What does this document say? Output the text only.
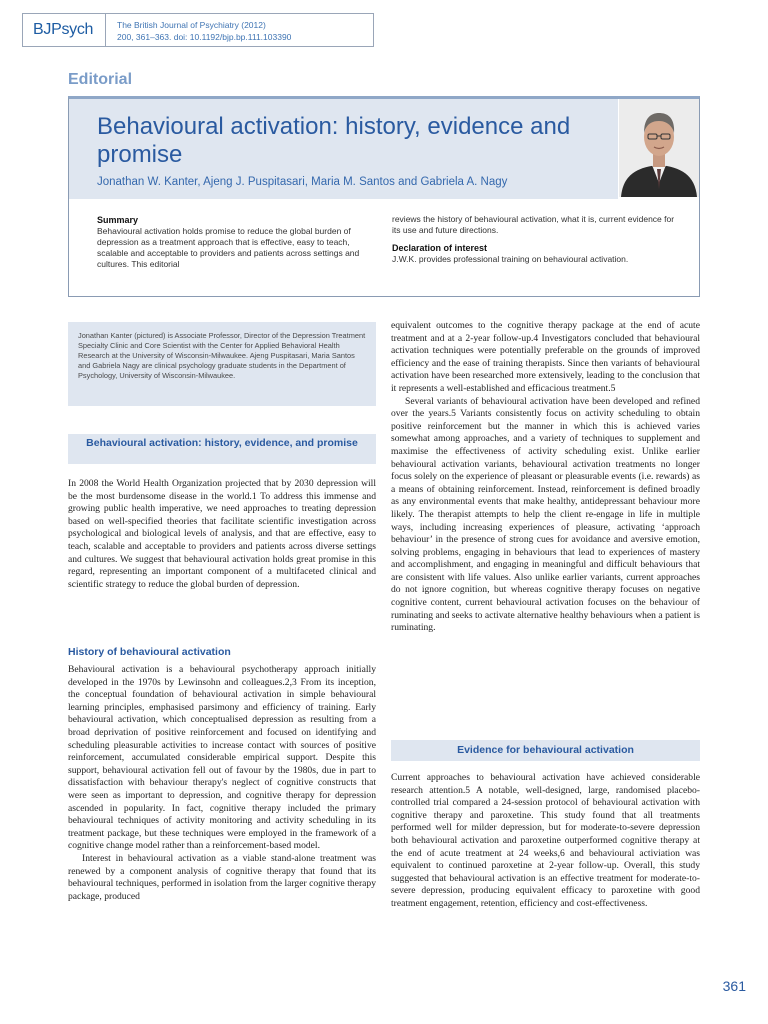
BJPsych	The British Journal of Psychiatry (2012)
200, 361–363. doi: 10.1192/bjp.bp.111.103390
Editorial
Behavioural activation: history, evidence and promise
Jonathan W. Kanter, Ajeng J. Puspitasari, Maria M. Santos and Gabriela A. Nagy
Summary
Behavioural activation holds promise to reduce the global burden of depression as a treatment approach that is effective, easy to teach, scalable and acceptable to providers and patients across settings and cultures. This editorial
reviews the history of behavioural activation, what it is, current evidence for its use and future directions.
Declaration of interest
J.W.K. provides professional training on behavioural activation.
Jonathan Kanter (pictured) is Associate Professor, Director of the Depression Treatment Specialty Clinic and Core Scientist with the Center for Applied Behavioral Health Research at the University of Wisconsin-Milwaukee. Ajeng Puspitasari, Maria Santos and Gabriela Nagy are clinical psychology graduate students in the Department of Psychology, University of Wisconsin-Milwaukee.
Behavioural activation: history, evidence, and promise

In 2008 the World Health Organization projected that by 2030 depression will be the most burdensome disease in the world.1 To address this immense and growing public health imperative, we need approaches to treating depression based on well-specified theories that facilitate scientific investigation across psychological and biological levels of analysis, and that are effective, easy to teach, scalable and acceptable to providers and patients across diverse settings and cultures. We suggest that behavioural activation holds great promise in this regard, representing an important component of a multifaceted clinical and scientific strategy to reduce the global burden of depression.

History of behavioural activation

Behavioural activation is a behavioural psychotherapy approach initially developed in the 1970s by Lewinsohn and colleagues.2,3 From its inception, the conceptual foundation of behavioural activation in simple behavioural learning principles, emphasised parsimony and efficiency of training. Early behavioural activation, which conceptualised depression as resulting from a broad deprivation of positive reinforcement and focused on identifying and scheduling pleasurable activities to increase contact with sources of positive reinforcement, accumulated considerable empirical support. Despite this support, behavioural activation fell out of favour by the 1980s, due in part to dissatisfaction with behaviour therapy's neglect of cognitive constructs that were seen as important to depression, and cognitive therapy for depression ascended in popularity. In fact, cognitive therapy included the primary behavioural techniques of activity monitoring and activity scheduling in its treatment package, but these techniques were employed in the framework of a cognitive change model rather than a reinforcement-based model.

Interest in behavioural activation as a viable stand-alone treatment was renewed by a component analysis of cognitive therapy that found that its behavioural techniques, performed in isolation from the larger cognitive therapy package, produced

equivalent outcomes to the cognitive therapy package at the end of acute treatment and at a 2-year follow-up.4 Investigators concluded that behavioural activation techniques were potentially preferable on the grounds of improved efficiency and the ease of training therapists. Since then variants of behavioural activation have been researched more extensively, leading to the conclusion that it represents a well-established and efficacious treatment.5

Several variants of behavioural activation have been developed and refined over the years.5 Variants consistently focus on activity scheduling to obtain positive reinforcement but the manner in which this is achieved varies somewhat among approaches, and a variety of techniques to supplement and maximise the effectiveness of activity scheduling exist. Unlike earlier behavioural activation variants, behavioural activation treatments no longer focus solely on the experience of pleasant or pleasurable events (i.e. rewards) as a means of obtaining reinforcement. Instead, reinforcement is defined broadly as any environmental events that make healthy, antidepressant behaviour more likely. The therapist attempts to help the client re-engage in life in multiple ways, including increasing experiences of pleasure, activating ‘approach behaviour’ in the presence of strong cues for avoidance and aversive emotion, solving problems, engaging in behaviours that lead to experiences of mastery and accomplishment, and engaging in meaningful and difficult behaviours that are consistent with life values. Also unlike earlier variants, current approaches do not ignore cognition, but whereas cognitive therapy focuses on negative cognitive content, current behavioural activation focuses on the behaviour of ruminating and seeks to activate alternative healthy behaviours when a patient is ruminating.

Evidence for behavioural activation

Current approaches to behavioural activation have achieved considerable research attention.5 A notable, well-designed, large, randomised placebo-controlled trial compared a 24-session protocol of behavioural activation with cognitive therapy and paroxetine. This study found that all treatments performed well for milder depression, but for moderate-to-severe depression both behavioural activation and paroxetine outperformed cognitive therapy at the end of acute treatment at 24 weeks,6 and behavioural activiation was equivalent to continued paroxetine at 2-year follow-up. Overall, this study suggested that behavioural activation is an effective treatment for moderate-to-severe depression, producing equivalent efficacy to paroxetine with good treatment engagement, retention, efficiency and cost-effectiveness.

361
